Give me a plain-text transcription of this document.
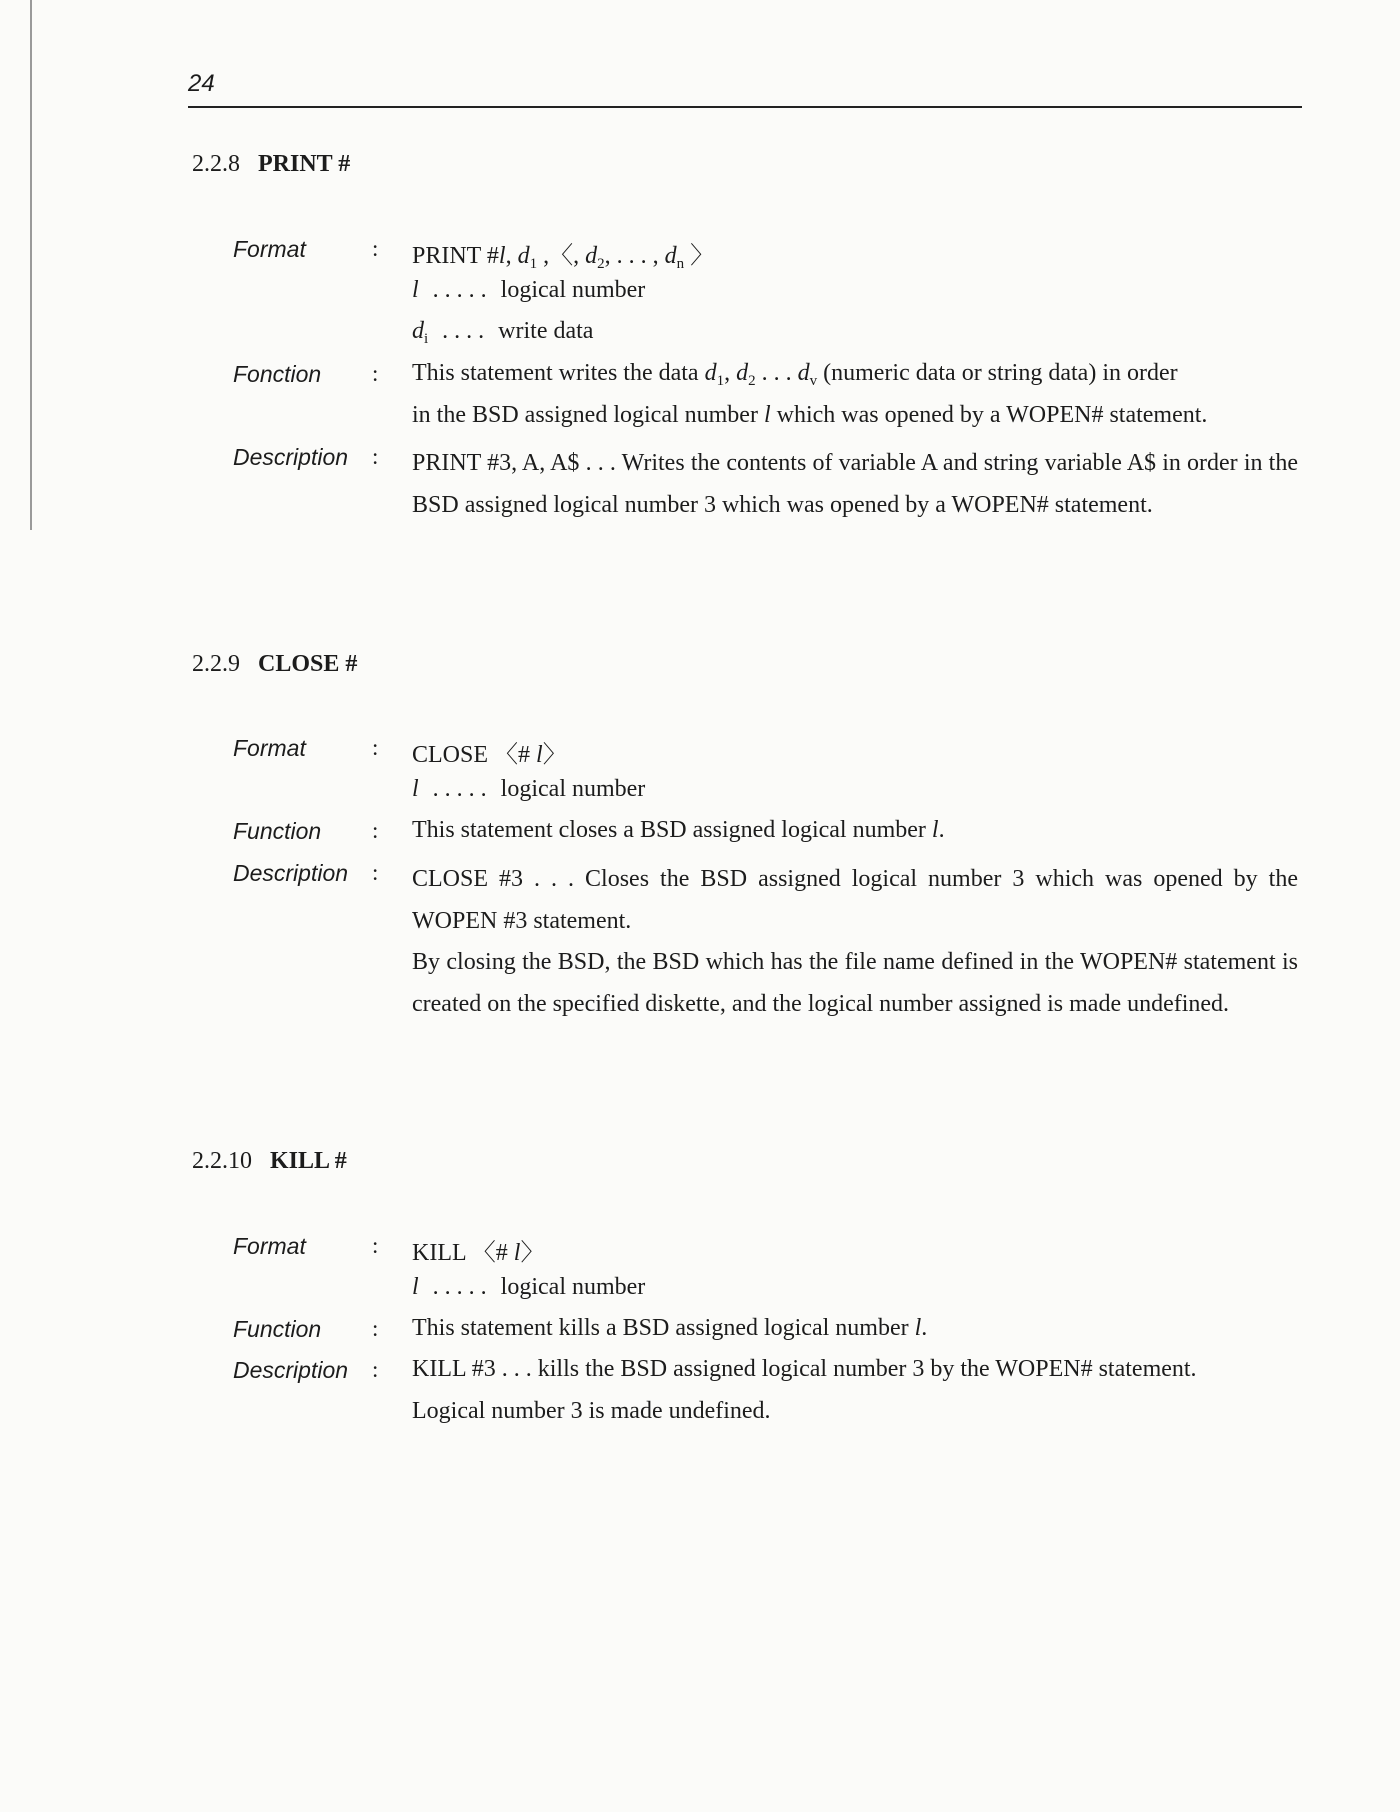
24
2.2.8 PRINT #
Format	: PRINT #l, $d_1$ ,〈, $d_2$, . . . , $d_n$ 〉
l . . . . . logical number
$d_i$ . . . . write data
Fonction : This statement writes the data $d_1$, $d_2$ . . . $d_v$ (numeric data or string data) in order
in the BSD assigned logical number l which was opened by a WOPEN# statement.
Description : PRINT #3, A, A$ . . . Writes the contents of variable A and string variable A$ in order in the BSD assigned logical number 3 which was opened by a WOPEN# statement.
2.2.9 CLOSE #
Format	: CLOSE 〈# l〉
l . . . . . logical number
Function : This statement closes a BSD assigned logical number l.
Description : CLOSE #3 . . . Closes the BSD assigned logical number 3 which was opened by the WOPEN #3 statement.
By closing the BSD, the BSD which has the file name defined in the WOPEN# statement is created on the specified diskette, and the logical number assigned is made undefined.
2.2.10 KILL #
Format	: KILL 〈# l〉
l . . . . . logical number
Function : This statement kills a BSD assigned logical number l.
Description : KILL #3 . . . kills the BSD assigned logical number 3 by the WOPEN# statement.
Logical number 3 is made undefined.
